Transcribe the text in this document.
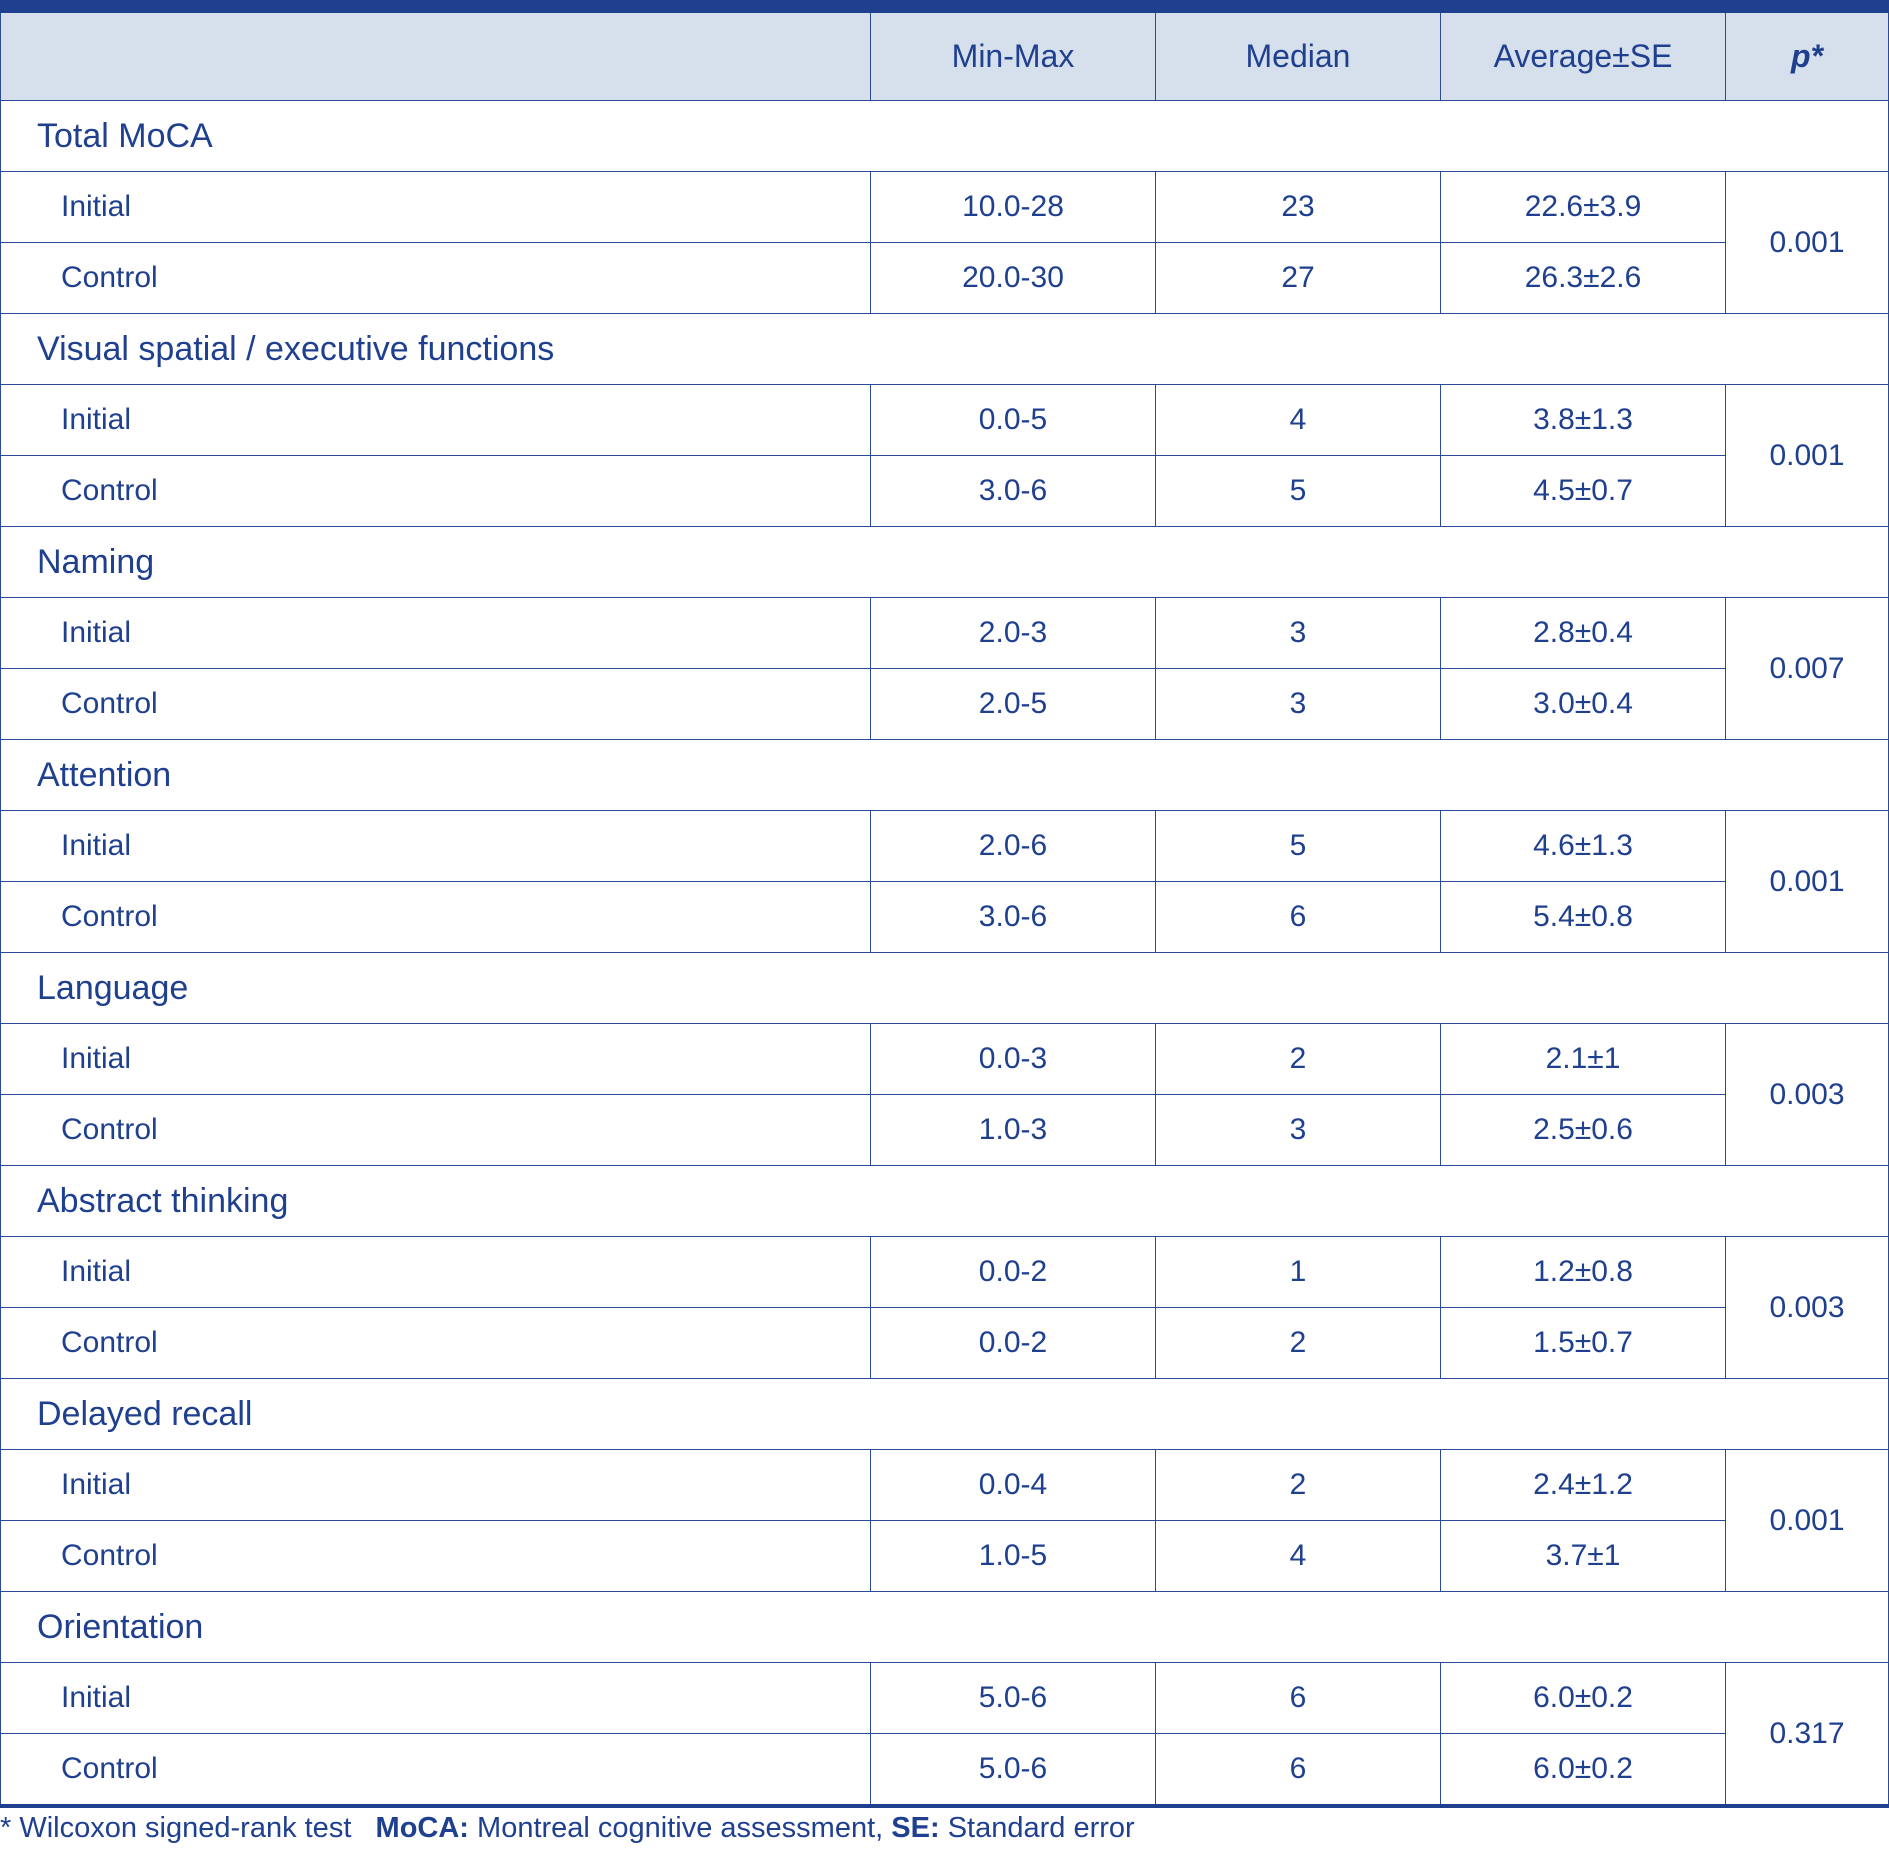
	Min-Max	Median	Average±SE	p*
Total MoCA				
Initial	10.0-28	23	22.6±3.9	0.001
Control	20.0-30	27	26.3±2.6	
Visual spatial / executive functions				
Initial	0.0-5	4	3.8±1.3	0.001
Control	3.0-6	5	4.5±0.7	
Naming				
Initial	2.0-3	3	2.8±0.4	0.007
Control	2.0-5	3	3.0±0.4	
Attention				
Initial	2.0-6	5	4.6±1.3	0.001
Control	3.0-6	6	5.4±0.8	
Language				
Initial	0.0-3	2	2.1±1	0.003
Control	1.0-3	3	2.5±0.6	
Abstract thinking				
Initial	0.0-2	1	1.2±0.8	0.003
Control	0.0-2	2	1.5±0.7	
Delayed recall				
Initial	0.0-4	2	2.4±1.2	0.001
Control	1.0-5	4	3.7±1	
Orientation				
Initial	5.0-6	6	6.0±0.2	0.317
Control	5.0-6	6	6.0±0.2	
* Wilcoxon signed-rank test MoCA: Montreal cognitive assessment, SE: Standard error
